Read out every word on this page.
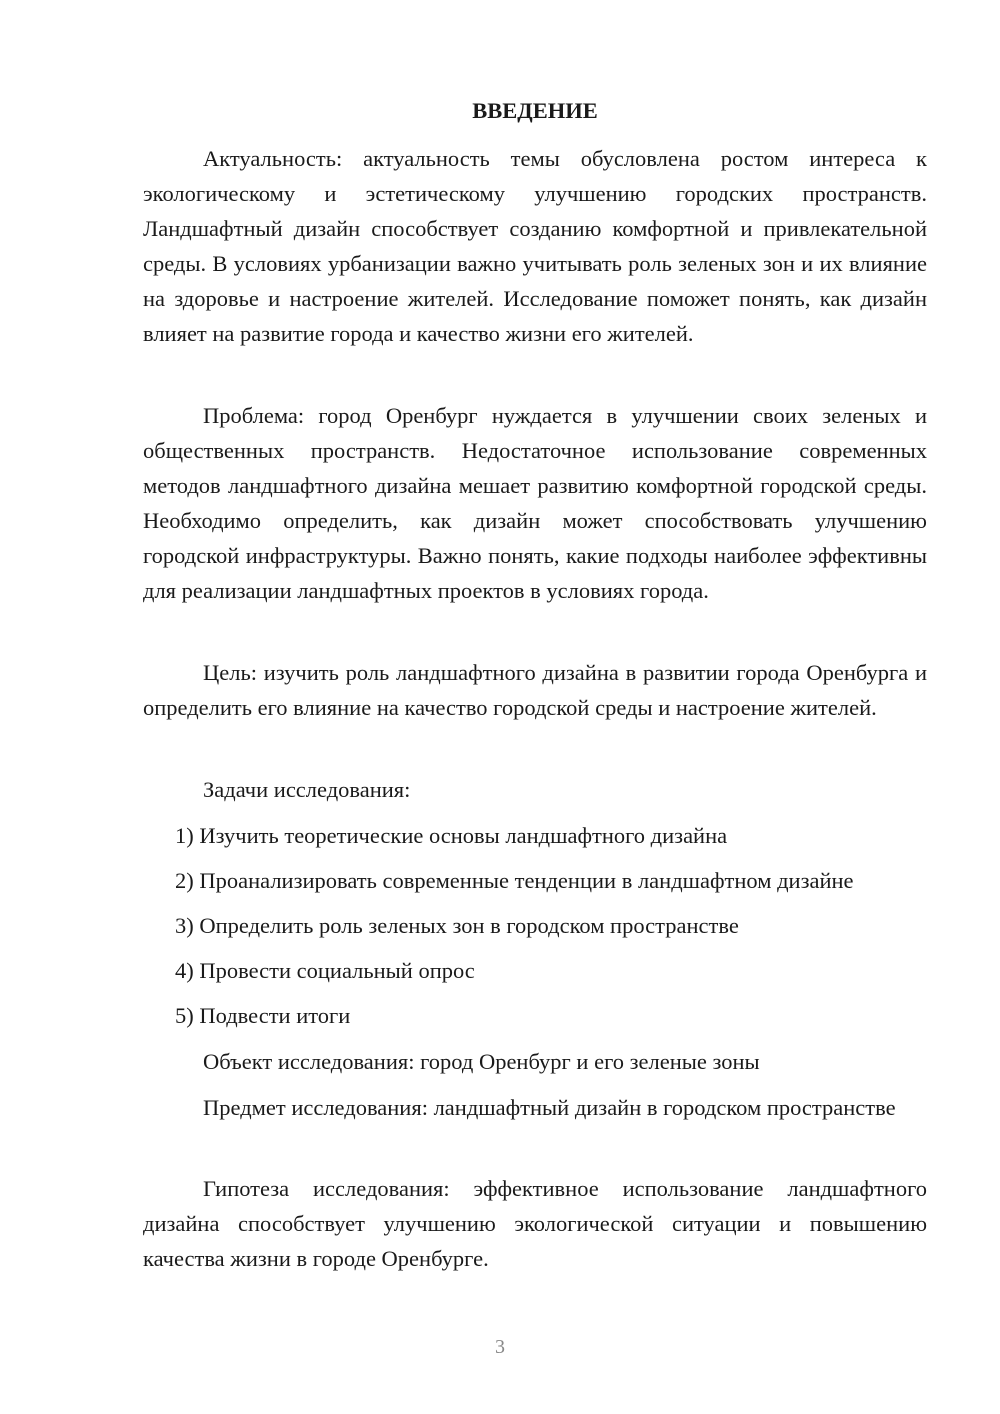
ВВЕДЕНИЕ

Актуальность: актуальность темы обусловлена ростом интереса к экологическому и эстетическому улучшению городских пространств. Ландшафтный дизайн способствует созданию комфортной и привлекательной среды. В условиях урбанизации важно учитывать роль зеленых зон и их влияние на здоровье и настроение жителей. Исследование поможет понять, как дизайн влияет на развитие города и качество жизни его жителей.

Проблема: город Оренбург нуждается в улучшении своих зеленых и общественных пространств. Недостаточное использование современных методов ландшафтного дизайна мешает развитию комфортной городской среды. Необходимо определить, как дизайн может способствовать улучшению городской инфраструктуры. Важно понять, какие подходы наиболее эффективны для реализации ландшафтных проектов в условиях города.

Цель: изучить роль ландшафтного дизайна в развитии города Оренбурга и определить его влияние на качество городской среды и настроение жителей.

Задачи исследования:

1) Изучить теоретические основы ландшафтного дизайна
2) Проанализировать современные тенденции в ландшафтном дизайне
3) Определить роль зеленых зон в городском пространстве
4) Провести социальный опрос
5) Подвести итоги

Объект исследования: город Оренбург и его зеленые зоны

Предмет исследования: ландшафтный дизайн в городском пространстве

Гипотеза исследования: эффективное использование ландшафтного дизайна способствует улучшению экологической ситуации и повышению качества жизни в городе Оренбурге.

3
